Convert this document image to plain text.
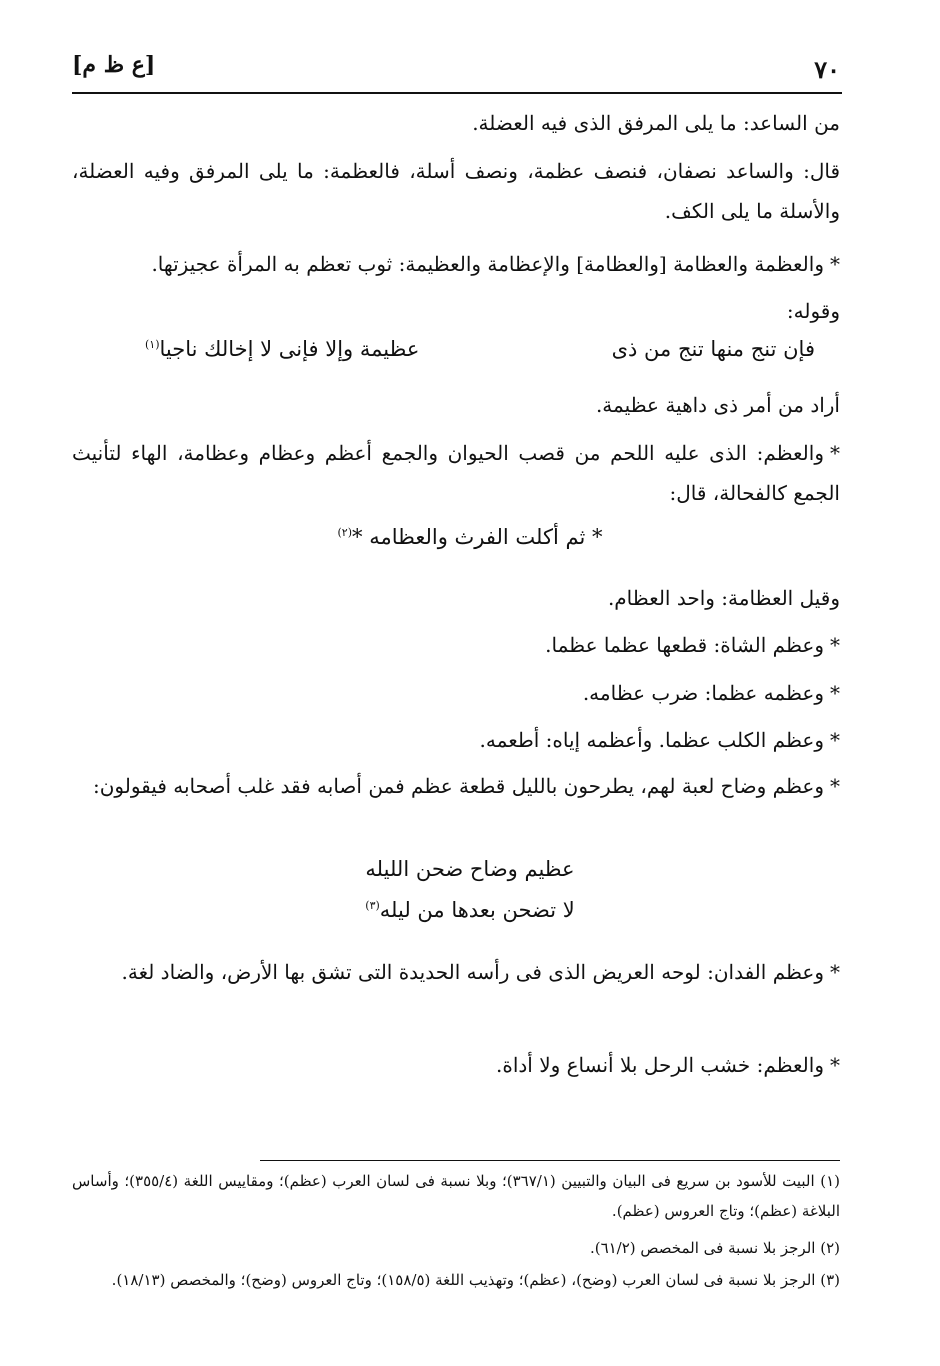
٧٠
[ع ظ م]
من الساعد: ما يلى المرفق الذى فيه العضلة.
قال: والساعد نصفان، فنصف عظمة، ونصف أسلة، فالعظمة: ما يلى المرفق وفيه العضلة، والأسلة ما يلى الكف.
*والعظمة والعظامة [والعظامة] والإعظامة والعظيمة: ثوب تعظم به المرأة عجيزتها.
وقوله:
فإن تنج منها تنج من ذى
عظيمة وإلا فإنى لا إخالك ناجيا$^{(١)}$
أراد من أمر ذى داهية عظيمة.
*والعظم: الذى عليه اللحم من قصب الحيوان والجمع أعظم وعظام وعظامة، الهاء لتأنيث الجمع كالفحالة، قال:
* ثم أكلت الفرث والعظامه *$^{(٢)}$
وقيل العظامة: واحد العظام.
*وعظم الشاة: قطعها عظما عظما.
*وعظمه عظما: ضرب عظامه.
*وعظم الكلب عظما. وأعظمه إياه: أطعمه.
*وعظم وضاح لعبة لهم، يطرحون بالليل قطعة عظم فمن أصابه فقد غلب أصحابه فيقولون:
عظيم وضاح ضحن الليله
لا تضحن بعدها من ليله$^{(٣)}$
*وعظم الفدان: لوحه العريض الذى فى رأسه الحديدة التى تشق بها الأرض، والضاد لغة.
*والعظم: خشب الرحل بلا أنساع ولا أداة.
(١) البيت للأسود بن سريع فى البيان والتبيين (٣٦٧/١)؛ وبلا نسبة فى لسان العرب (عظم)؛ ومقاييس اللغة (٣٥٥/٤)؛ وأساس البلاغة (عظم)؛ وتاج العروس (عظم).
(٢) الرجز بلا نسبة فى المخصص (٦١/٢).
(٣) الرجز بلا نسبة فى لسان العرب (وضح)، (عظم)؛ وتهذيب اللغة (١٥٨/٥)؛ وتاج العروس (وضح)؛ والمخصص (١٨/١٣).
